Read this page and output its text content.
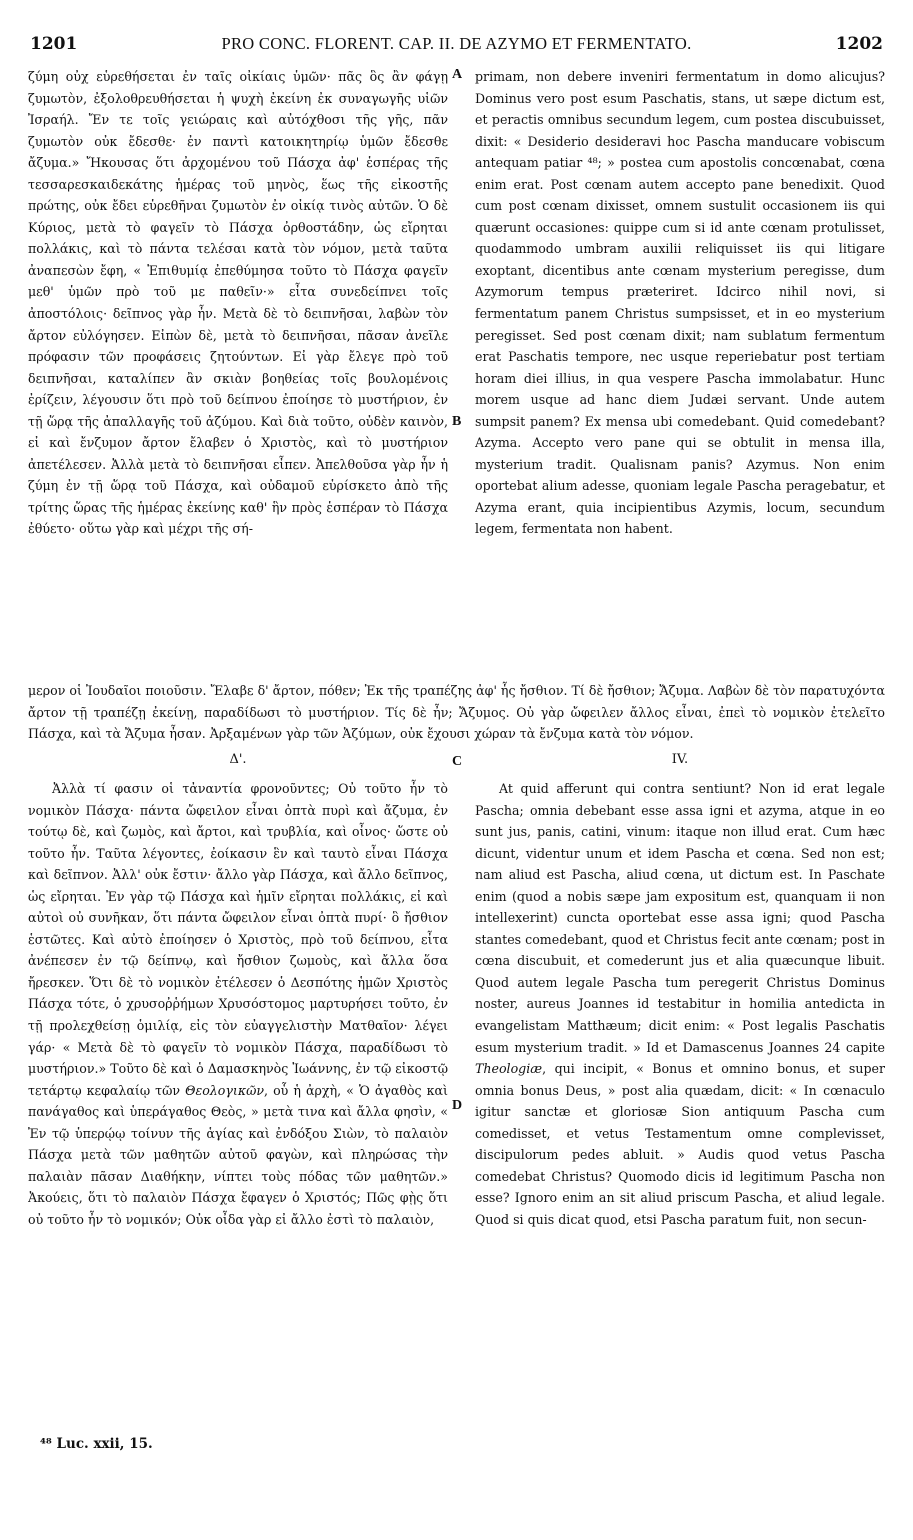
1201	PRO CONC. FLORENT. CAP. II. DE AZYMO ET FERMENTATO.	1202

ζύμη οὐχ εὑρεθήσεται ἐν ταῖς οἰκίαις ὑμῶν· πᾶς ὃς ἂν φάγῃ ζυμωτὸν, ἐξολοθρευθήσεται ἡ ψυχὴ ἐκείνη ἐκ συναγωγῆς υἱῶν Ἰσραήλ. Ἔν τε τοῖς γειώραις καὶ αὐτόχθοσι τῆς γῆς, πᾶν ζυμωτὸν οὐκ ἔδεσθε· ἐν παντὶ κατοικητηρίῳ ὑμῶν ἔδεσθε ἄζυμα.» Ἤκουσας ὅτι ἀρχομένου τοῦ Πάσχα ἀφ' ἑσπέρας τῆς τεσσαρεσκαιδεκάτης ἡμέρας τοῦ μηνὸς, ἕως τῆς εἰκοστῆς πρώτης, οὐκ ἔδει εὑρεθῆναι ζυμωτὸν ἐν οἰκίᾳ τινὸς αὐτῶν. Ὁ δὲ Κύριος, μετὰ τὸ φαγεῖν τὸ Πάσχα ὀρθοστάδην, ὡς εἴρηται πολλάκις, καὶ τὸ πάντα τελέσαι κατὰ τὸν νόμον, μετὰ ταῦτα ἀναπεσὼν ἔφη, « Ἐπιθυμίᾳ ἐπεθύμησα τοῦτο τὸ Πάσχα φαγεῖν μεθ' ὑμῶν πρὸ τοῦ με παθεῖν·» εἶτα συνεδείπνει τοῖς ἀποστόλοις· δεῖπνος γὰρ ἦν. Μετὰ δὲ τὸ δειπνῆσαι, λαβὼν τὸν ἄρτον εὐλόγησεν. Εἰπὼν δὲ, μετὰ τὸ δειπνῆσαι, πᾶσαν ἀνεῖλε πρόφασιν τῶν προφάσεις ζητούντων. Εἰ γὰρ ἔλεγε πρὸ τοῦ δειπνῆσαι, καταλίπεν ἂν σκιὰν βοηθείας τοῖς βουλομένοις ἐρίζειν, λέγουσιν ὅτι πρὸ τοῦ δείπνου ἐποίησε τὸ μυστήριον, ἐν τῇ ὥρᾳ τῆς ἀπαλλαγῆς τοῦ ἀζύμου. Καὶ διὰ τοῦτο, οὐδὲν καινὸν, εἰ καὶ ἔνζυμον ἄρτον ἔλαβεν ὁ Χριστὸς, καὶ τὸ μυστήριον ἀπετέλεσεν. Ἀλλὰ μετὰ τὸ δειπνῆσαι εἶπεν. Ἀπελθοῦσα γὰρ ἦν ἡ ζύμη ἐν τῇ ὥρᾳ τοῦ Πάσχα, καὶ οὐδαμοῦ εὑρίσκετο ἀπὸ τῆς τρίτης ὥρας τῆς ἡμέρας ἐκείνης καθ' ἣν πρὸς ἑσπέραν τὸ Πάσχα ἐθύετο· οὕτω γὰρ καὶ μέχρι τῆς σή-

A primam, non debere inveniri fermentatum in domo alicujus? Dominus vero post esum Paschatis, stans, ut sæpe dictum est, et peractis omnibus secundum legem, cum postea discubuisset, dixit: « Desiderio desideravi hoc Pascha manducare vobiscum antequam patiar ⁴⁸; » postea cum apostolis concœnabat, cœna enim erat. Post cœnam autem accepto pane benedixit. Quod cum post cœnam dixisset, omnem sustulit occasionem iis qui quærunt occasiones: quippe cum si id ante cœnam protulisset, quodammodo umbram auxilii reliquisset iis qui litigare exoptant, dicentibus ante cœnam mysterium peregisse, dum Azymorum tempus præteriret. Idcirco nihil novi, si fermentatum panem Christus sumpsisset, et in eo mysterium peregisset. Sed post cœnam dixit; nam sublatum fermentum erat Paschatis tempore, nec usque reperiebatur post tertiam horam diei illius, in qua vespere Pascha immolabatur. Hunc morem usque ad hanc diem Judæi servant. Unde autem sumpsit panem? Ex mensa ubi comedebant. Quid comedebant? Azyma. Accepto vero pane qui se obtulit in mensa illa, mysterium tradit. Qualisnam panis? Azymus. Non enim oportebat alium adesse, quoniam legale Pascha peragebatur, et Azyma erant, quia incipientibus Azymis, locum, secundum legem, fermentata non habent.

B

μερον οἱ Ἰουδαῖοι ποιοῦσιν. Ἔλαβε δ' ἄρτον, πόθεν; Ἐκ τῆς τραπέζης ἀφ' ἧς ἤσθιον. Τί δὲ ἤσθιον; Ἄζυμα. Λαβὼν δὲ τὸν παρατυχόντα ἄρτον τῇ τραπέζῃ ἐκείνῃ, παραδίδωσι τὸ μυστήριον. Τίς δὲ ἦν; Ἄζυμος. Οὐ γὰρ ὤφειλεν ἄλλος εἶναι, ἐπεὶ τὸ νομικὸν ἐτελεῖτο Πάσχα, καὶ τὰ Ἄζυμα ἦσαν. Ἀρξαμένων γὰρ τῶν Ἀζύμων, οὐκ ἔχουσι χώραν τὰ ἔνζυμα κατὰ τὸν νόμον.

Δ'.	C	IV.

Ἀλλὰ τί φασιν οἱ τἀναντία φρονοῦντες; Οὐ τοῦτο ἦν τὸ νομικὸν Πάσχα· πάντα ὤφειλον εἶναι ὀπτὰ πυρὶ καὶ ἄζυμα, ἐν τούτῳ δὲ, καὶ ζωμὸς, καὶ ἄρτοι, καὶ τρυβλία, καὶ οἶνος· ὥστε οὐ τοῦτο ἦν. Ταῦτα λέγοντες, ἐοίκασιν ἓν καὶ ταυτὸ εἶναι Πάσχα καὶ δεῖπνον. Ἀλλ' οὐκ ἔστιν· ἄλλο γὰρ Πάσχα, καὶ ἄλλο δεῖπνος, ὡς εἴρηται. Ἐν γὰρ τῷ Πάσχα καὶ ἡμῖν εἴρηται πολλάκις, εἰ καὶ αὐτοὶ οὐ συνῆκαν, ὅτι πάντα ὤφειλον εἶναι ὀπτὰ πυρί· ὃ ἤσθιον ἑστῶτες. Καὶ αὐτὸ ἐποίησεν ὁ Χριστὸς, πρὸ τοῦ δείπνου, εἶτα ἀνέπεσεν ἐν τῷ δείπνῳ, καὶ ἤσθιον ζωμοὺς, καὶ ἄλλα ὅσα ἤρεσκεν. Ὅτι δὲ τὸ νομικὸν ἐτέλεσεν ὁ Δεσπότης ἡμῶν Χριστὸς Πάσχα τότε, ὁ χρυσοῤῥήμων Χρυσόστομος μαρτυρήσει τοῦτο, ἐν τῇ προλεχθείσῃ ὁμιλίᾳ, εἰς τὸν εὐαγγελιστὴν Ματθαῖον· λέγει γάρ· « Μετὰ δὲ τὸ φαγεῖν τὸ νομικὸν Πάσχα, παραδίδωσι τὸ μυστήριον.» Τοῦτο δὲ καὶ ὁ Δαμασκηνὸς Ἰωάννης, ἐν τῷ εἰκοστῷ τετάρτῳ κεφαλαίῳ τῶν Θεολογικῶν, οὗ ἡ ἀρχὴ, « Ὁ ἀγαθὸς καὶ πανάγαθος καὶ ὑπεράγαθος Θεὸς, » μετὰ τινα καὶ ἄλλα φησὶν, « Ἐν τῷ ὑπερῴῳ τοίνυν τῆς ἁγίας καὶ ἐνδόξου Σιὼν, τὸ παλαιὸν Πάσχα μετὰ τῶν μαθητῶν αὐτοῦ φαγὼν, καὶ πληρώσας τὴν παλαιὰν πᾶσαν Διαθήκην, νίπτει τοὺς πόδας τῶν μαθητῶν.» Ἀκούεις, ὅτι τὸ παλαιὸν Πάσχα ἔφαγεν ὁ Χριστός; Πῶς φῂς ὅτι οὐ τοῦτο ἦν τὸ νομικόν; Οὐκ οἶδα γὰρ εἰ ἄλλο ἐστὶ τὸ παλαιὸν,

D

At quid afferunt qui contra sentiunt? Non id erat legale Pascha; omnia debebant esse assa igni et azyma, atque in eo sunt jus, panis, catini, vinum: itaque non illud erat. Cum hæc dicunt, videntur unum et idem Pascha et cœna. Sed non est; nam aliud est Pascha, aliud cœna, ut dictum est. In Paschate enim (quod a nobis sæpe jam expositum est, quanquam ii non intellexerint) cuncta oportebat esse assa igni; quod Pascha stantes comedebant, quod et Christus fecit ante cœnam; post in cœna discubuit, et comederunt jus et alia quæcunque libuit. Quod autem legale Pascha tum peregerit Christus Dominus noster, aureus Joannes id testabitur in homilia antedicta in evangelistam Matthæum; dicit enim: « Post legalis Paschatis esum mysterium tradit. » Id et Damascenus Joannes 24 capite Theologiæ, qui incipit, « Bonus et omnino bonus, et super omnia bonus Deus, » post alia quædam, dicit: « In cœnaculo igitur sanctæ et gloriosæ Sion antiquum Pascha cum comedisset, et vetus Testamentum omne complevisset, discipulorum pedes abluit. » Audis quod vetus Pascha comedebat Christus? Quomodo dicis id legitimum Pascha non esse? Ignoro enim an sit aliud priscum Pascha, et aliud legale. Quod si quis dicat quod, etsi Pascha paratum fuit, non secun-

⁴⁸ Luc. xxii, 15.
